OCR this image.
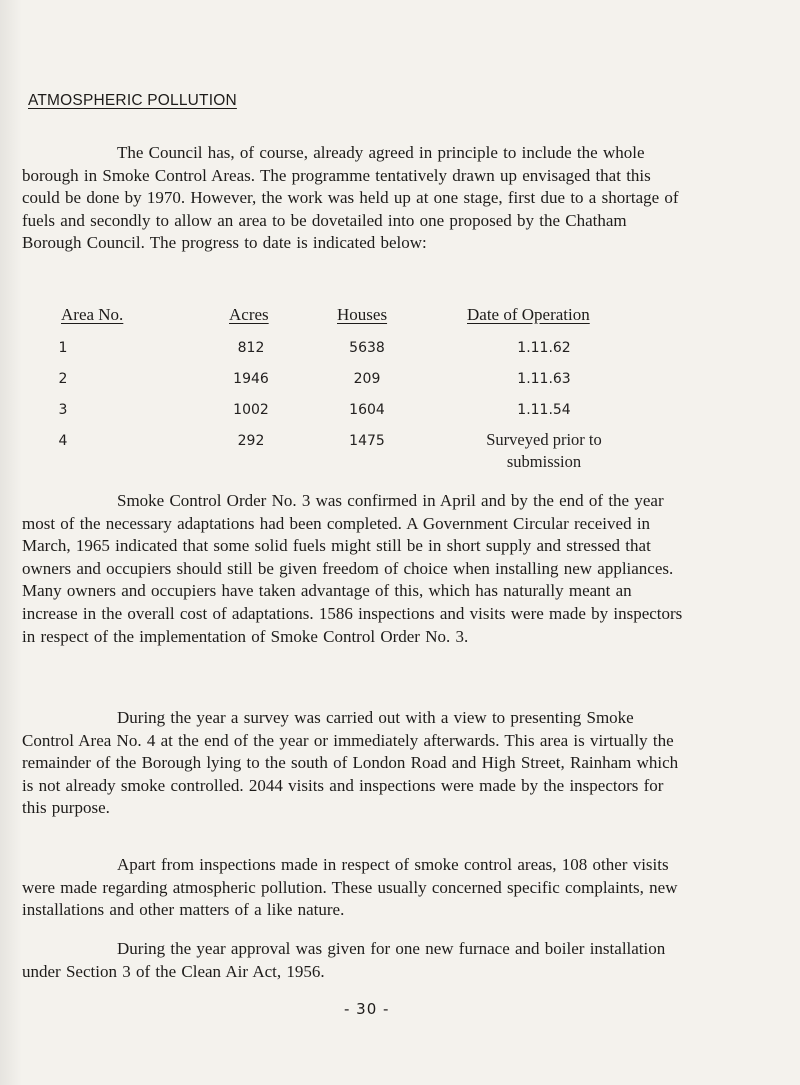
ATMOSPHERIC POLLUTION

The Council has, of course, already agreed in principle to include the whole borough in Smoke Control Areas. The programme tentatively drawn up envisaged that this could be done by 1970. However, the work was held up at one stage, first due to a shortage of fuels and secondly to allow an area to be dovetailed into one proposed by the Chatham Borough Council. The progress to date is indicated below:

Area No.	Acres	Houses	Date of Operation
1	812	5638	1.11.62
2	1946	209	1.11.63
3	1002	1604	1.11.54
4	292	1475	Surveyed prior to submission

Smoke Control Order No. 3 was confirmed in April and by the end of the year most of the necessary adaptations had been completed. A Government Circular received in March, 1965 indicated that some solid fuels might still be in short supply and stressed that owners and occupiers should still be given freedom of choice when installing new appliances. Many owners and occupiers have taken advantage of this, which has naturally meant an increase in the overall cost of adaptations. 1586 inspections and visits were made by inspectors in respect of the implementation of Smoke Control Order No. 3.

During the year a survey was carried out with a view to presenting Smoke Control Area No. 4 at the end of the year or immediately afterwards. This area is virtually the remainder of the Borough lying to the south of London Road and High Street, Rainham which is not already smoke controlled. 2044 visits and inspections were made by the inspectors for this purpose.

Apart from inspections made in respect of smoke control areas, 108 other visits were made regarding atmospheric pollution. These usually concerned specific complaints, new installations and other matters of a like nature.

During the year approval was given for one new furnace and boiler installation under Section 3 of the Clean Air Act, 1956.

- 30 -
